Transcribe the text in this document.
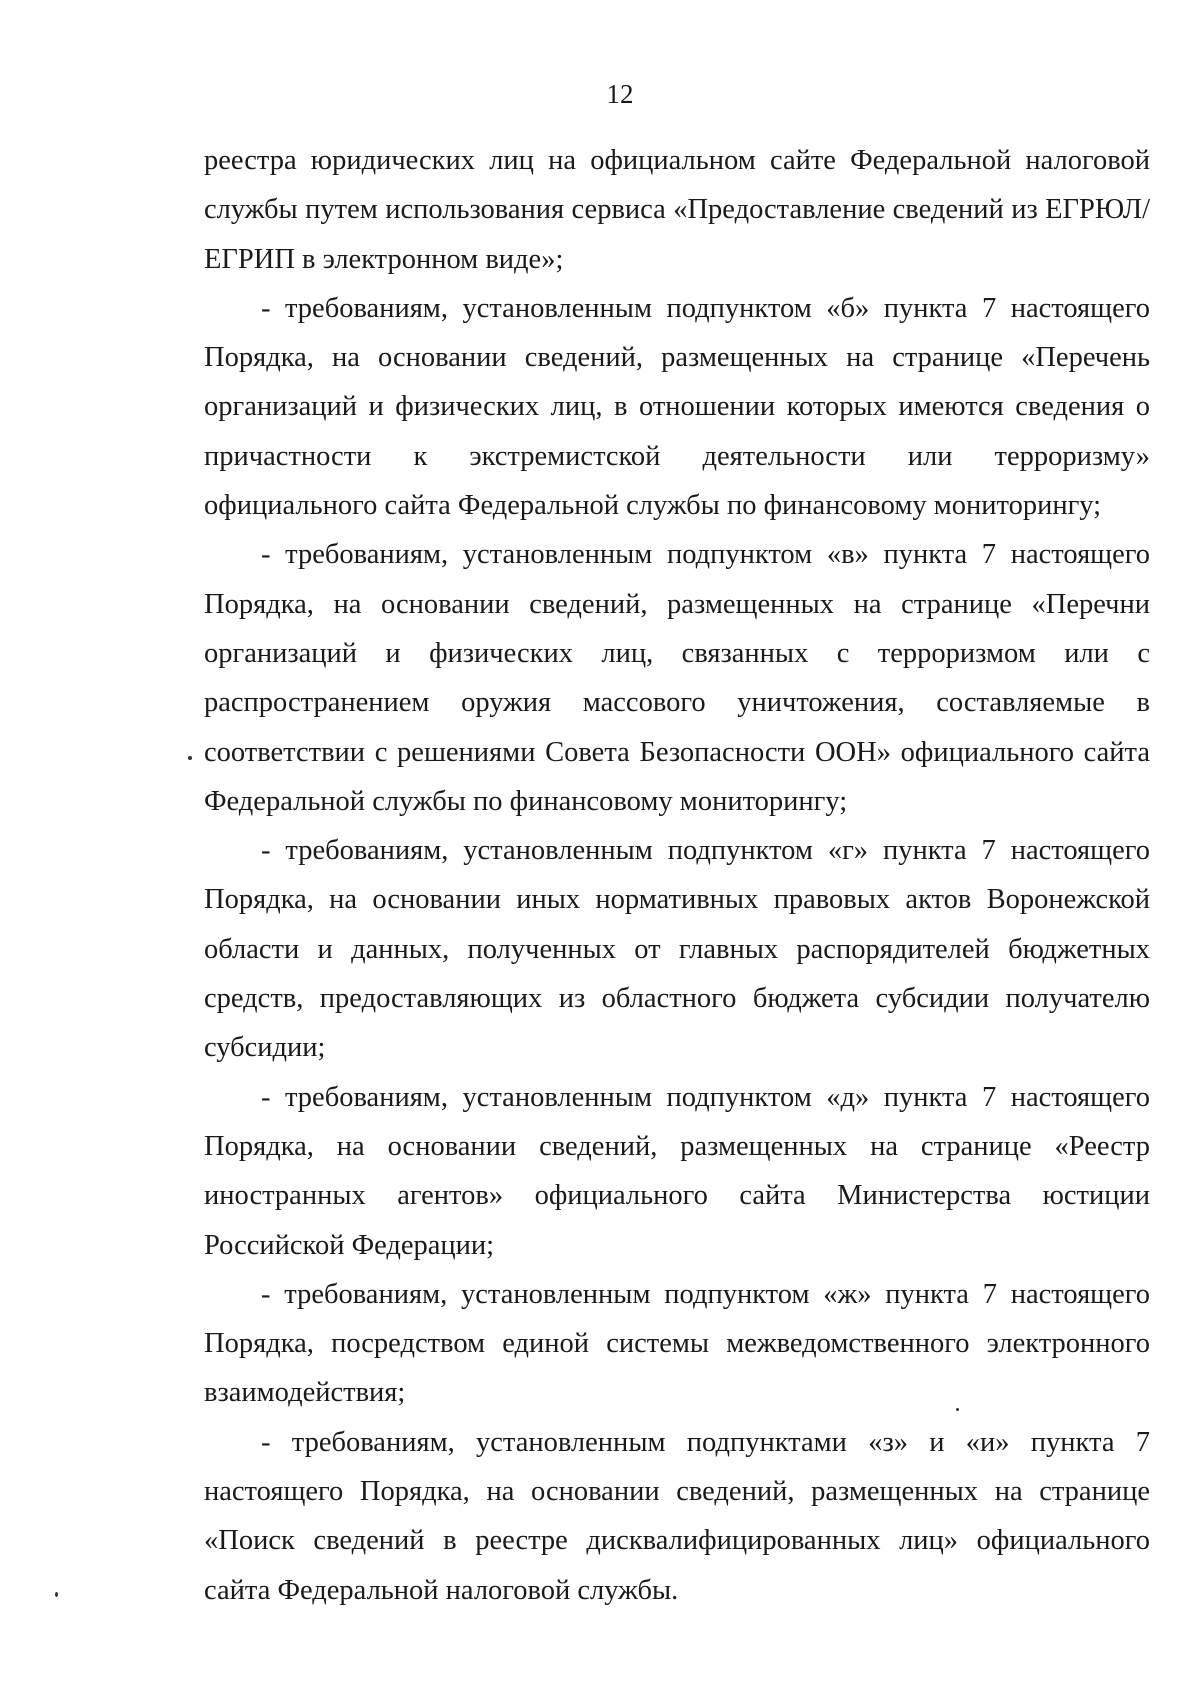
12

реестра юридических лиц на официальном сайте Федеральной налоговой службы путем использования сервиса «Предоставление сведений из ЕГРЮЛ/ЕГРИП в электронном виде»;

- требованиям, установленным подпунктом «б» пункта 7 настоящего Порядка, на основании сведений, размещенных на странице «Перечень организаций и физических лиц, в отношении которых имеются сведения о причастности к экстремистской деятельности или терроризму» официального сайта Федеральной службы по финансовому мониторингу;

- требованиям, установленным подпунктом «в» пункта 7 настоящего Порядка, на основании сведений, размещенных на странице «Перечни организаций и физических лиц, связанных с терроризмом или с распространением оружия массового уничтожения, составляемые в соответствии с решениями Совета Безопасности ООН» официального сайта Федеральной службы по финансовому мониторингу;

- требованиям, установленным подпунктом «г» пункта 7 настоящего Порядка, на основании иных нормативных правовых актов Воронежской области и данных, полученных от главных распорядителей бюджетных средств, предоставляющих из областного бюджета субсидии получателю субсидии;

- требованиям, установленным подпунктом «д» пункта 7 настоящего Порядка, на основании сведений, размещенных на странице «Реестр иностранных агентов» официального сайта Министерства юстиции Российской Федерации;

- требованиям, установленным подпунктом «ж» пункта 7 настоящего Порядка, посредством единой системы межведомственного электронного взаимодействия;

- требованиям, установленным подпунктами «з» и «и» пункта 7 настоящего Порядка, на основании сведений, размещенных на странице «Поиск сведений в реестре дисквалифицированных лиц» официального сайта Федеральной налоговой службы.
